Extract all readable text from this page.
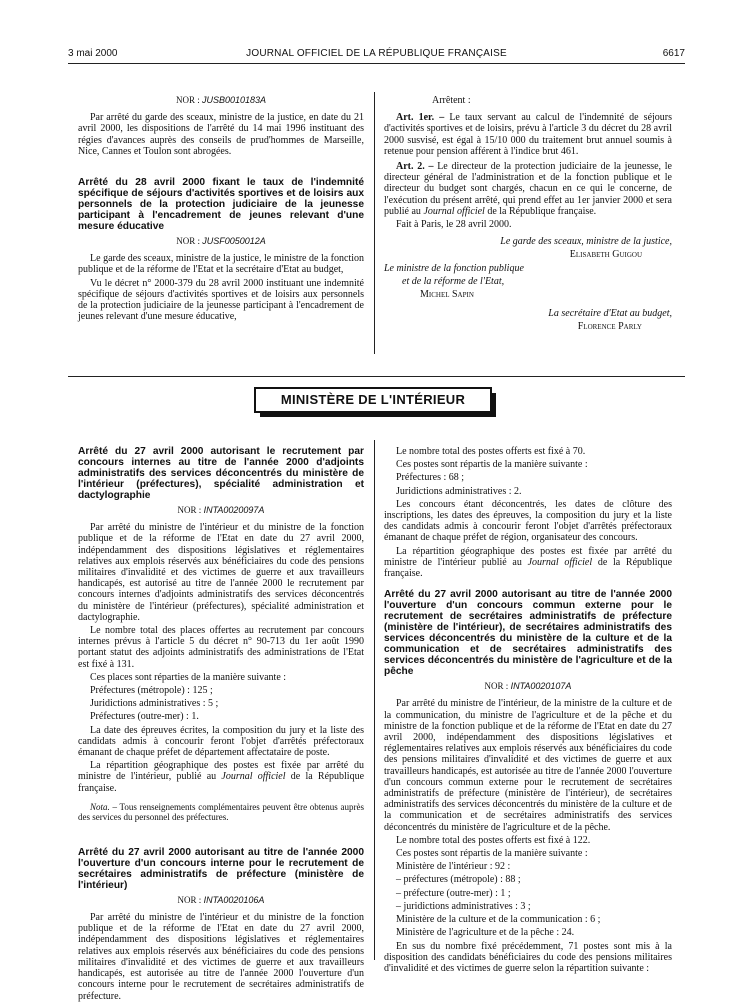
3 mai 2000	JOURNAL OFFICIEL DE LA RÉPUBLIQUE FRANÇAISE	6617

NOR : JUSB0010183A

Par arrêté du garde des sceaux, ministre de la justice, en date du 21 avril 2000, les dispositions de l'arrêté du 14 mai 1996 instituant des régies d'avances auprès des conseils de prud'hommes de Marseille, Nice, Cannes et Toulon sont abrogées.

Arrêté du 28 avril 2000 fixant le taux de l'indemnité spécifique de séjours d'activités sportives et de loisirs aux personnels de la protection judiciaire de la jeunesse participant à l'encadrement de jeunes relevant d'une mesure éducative

NOR : JUSF0050012A

Le garde des sceaux, ministre de la justice, le ministre de la fonction publique et de la réforme de l'Etat et la secrétaire d'Etat au budget,

Vu le décret n° 2000-379 du 28 avril 2000 instituant une indemnité spécifique de séjours d'activités sportives et de loisirs aux personnels de la protection judiciaire de la jeunesse participant à l'encadrement de jeunes relevant d'une mesure éducative,

Arrêtent :

Art. 1er. – Le taux servant au calcul de l'indemnité de séjours d'activités sportives et de loisirs, prévu à l'article 3 du décret du 28 avril 2000 susvisé, est égal à 15/10 000 du traitement brut annuel soumis à retenue pour pension afférent à l'indice brut 461.

Art. 2. – Le directeur de la protection judiciaire de la jeunesse, le directeur général de l'administration et de la fonction publique et le directeur du budget sont chargés, chacun en ce qui le concerne, de l'exécution du présent arrêté, qui prend effet au 1er janvier 2000 et sera publié au Journal officiel de la République française.

Fait à Paris, le 28 avril 2000.

Le garde des sceaux, ministre de la justice,

Elisabeth Guigou

Le ministre de la fonction publique

et de la réforme de l'Etat,

Michel Sapin

La secrétaire d'Etat au budget,

Florence Parly

MINISTÈRE DE L'INTÉRIEUR

Arrêté du 27 avril 2000 autorisant le recrutement par concours internes au titre de l'année 2000 d'adjoints administratifs des services déconcentrés du ministère de l'intérieur (préfectures), spécialité administration et dactylographie

NOR : INTA0020097A

Par arrêté du ministre de l'intérieur et du ministre de la fonction publique et de la réforme de l'Etat en date du 27 avril 2000, indépendamment des dispositions législatives et réglementaires relatives aux emplois réservés aux bénéficiaires du code des pensions militaires d'invalidité et des victimes de guerre et aux travailleurs handicapés, est autorisé au titre de l'année 2000 le recrutement par concours internes d'adjoints administratifs des services déconcentrés du ministère de l'intérieur (préfectures), spécialité administration et dactylographie.

Le nombre total des places offertes au recrutement par concours internes prévus à l'article 5 du décret n° 90-713 du 1er août 1990 portant statut des adjoints administratifs des administrations de l'Etat est fixé à 131.

Ces places sont réparties de la manière suivante :

Préfectures (métropole) : 125 ;

Juridictions administratives : 5 ;

Préfectures (outre-mer) : 1.

La date des épreuves écrites, la composition du jury et la liste des candidats admis à concourir feront l'objet d'arrêtés préfectoraux émanant de chaque préfet de département affectataire de poste.

La répartition géographique des postes est fixée par arrêté du ministre de l'intérieur, publié au Journal officiel de la République française.

Nota. – Tous renseignements complémentaires peuvent être obtenus auprès des services du personnel des préfectures.

Arrêté du 27 avril 2000 autorisant au titre de l'année 2000 l'ouverture d'un concours interne pour le recrutement de secrétaires administratifs de préfecture (ministère de l'intérieur)

NOR : INTA0020106A

Par arrêté du ministre de l'intérieur et du ministre de la fonction publique et de la réforme de l'Etat en date du 27 avril 2000, indépendamment des dispositions législatives et réglementaires relatives aux emplois réservés aux bénéficiaires du code des pensions militaires d'invalidité et des victimes de guerre et aux travailleurs handicapés, est autorisée au titre de l'année 2000 l'ouverture d'un concours interne pour le recrutement de secrétaires administratifs de préfecture.

Le nombre total des postes offerts est fixé à 70.

Ces postes sont répartis de la manière suivante :

Préfectures : 68 ;

Juridictions administratives : 2.

Les concours étant déconcentrés, les dates de clôture des inscriptions, les dates des épreuves, la composition du jury et la liste des candidats admis à concourir feront l'objet d'arrêtés préfectoraux émanant de chaque préfet de région, organisateur des concours.

La répartition géographique des postes est fixée par arrêté du ministre de l'intérieur publié au Journal officiel de la République française.

Arrêté du 27 avril 2000 autorisant au titre de l'année 2000 l'ouverture d'un concours commun externe pour le recrutement de secrétaires administratifs de préfecture (ministère de l'intérieur), de secrétaires administratifs des services déconcentrés du ministère de la culture et de la communication et de secrétaires administratifs des services déconcentrés du ministère de l'agriculture et de la pêche

NOR : INTA0020107A

Par arrêté du ministre de l'intérieur, de la ministre de la culture et de la communication, du ministre de l'agriculture et de la pêche et du ministre de la fonction publique et de la réforme de l'Etat en date du 27 avril 2000, indépendamment des dispositions législatives et réglementaires relatives aux emplois réservés aux bénéficiaires du code des pensions militaires d'invalidité et des victimes de guerre et aux travailleurs handicapés, est autorisée au titre de l'année 2000 l'ouverture d'un concours commun externe pour le recrutement de secrétaires administratifs de préfecture (ministère de l'intérieur), de secrétaires administratifs des services déconcentrés du ministère de la culture et de la communication et de secrétaires administratifs des services déconcentrés du ministère de l'agriculture et de la pêche.

Le nombre total des postes offerts est fixé à 122.

Ces postes sont répartis de la manière suivante :

Ministère de l'intérieur : 92 :

– préfectures (métropole) : 88 ;

– préfecture (outre-mer) : 1 ;

– juridictions administratives : 3 ;

Ministère de la culture et de la communication : 6 ;

Ministère de l'agriculture et de la pêche : 24.

En sus du nombre fixé précédemment, 71 postes sont mis à la disposition des candidats bénéficiaires du code des pensions militaires d'invalidité et des victimes de guerre selon la répartition suivante :
